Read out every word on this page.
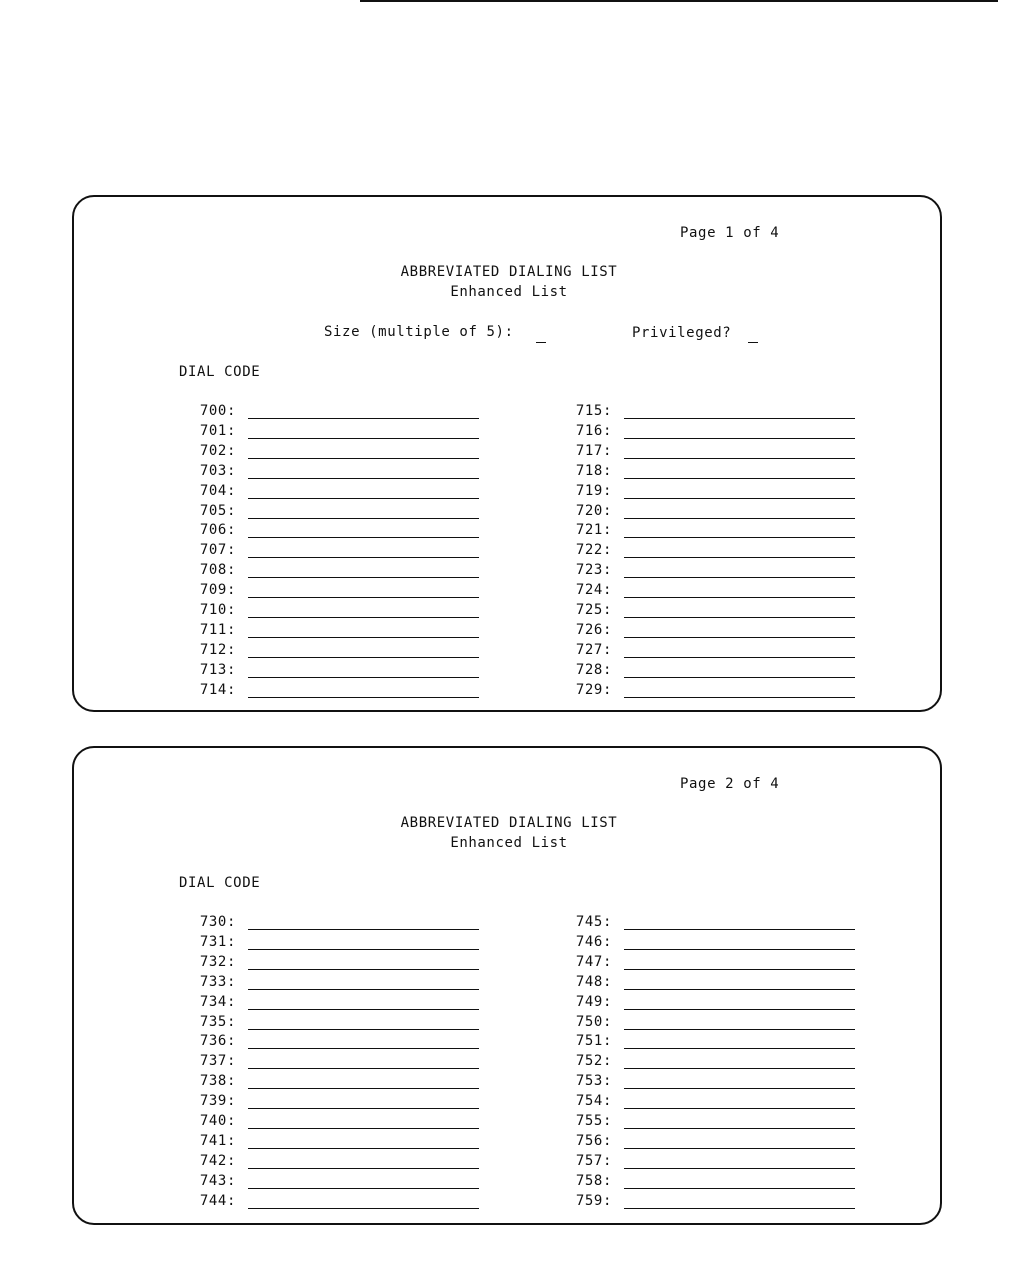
Page 1 of 4
ABBREVIATED DIALING LIST
Enhanced List
Size (multiple of 5):	Privileged?
DIAL CODE
700:
701:
702:
703:
704:
705:
706:
707:
708:
709:
710:
711:
712:
713:
714:
715:
716:
717:
718:
719:
720:
721:
722:
723:
724:
725:
726:
727:
728:
729:
Page 2 of 4
ABBREVIATED DIALING LIST
Enhanced List
DIAL CODE
730:
731:
732:
733:
734:
735:
736:
737:
738:
739:
740:
741:
742:
743:
744:
745:
746:
747:
748:
749:
750:
751:
752:
753:
754:
755:
756:
757:
758:
759:
